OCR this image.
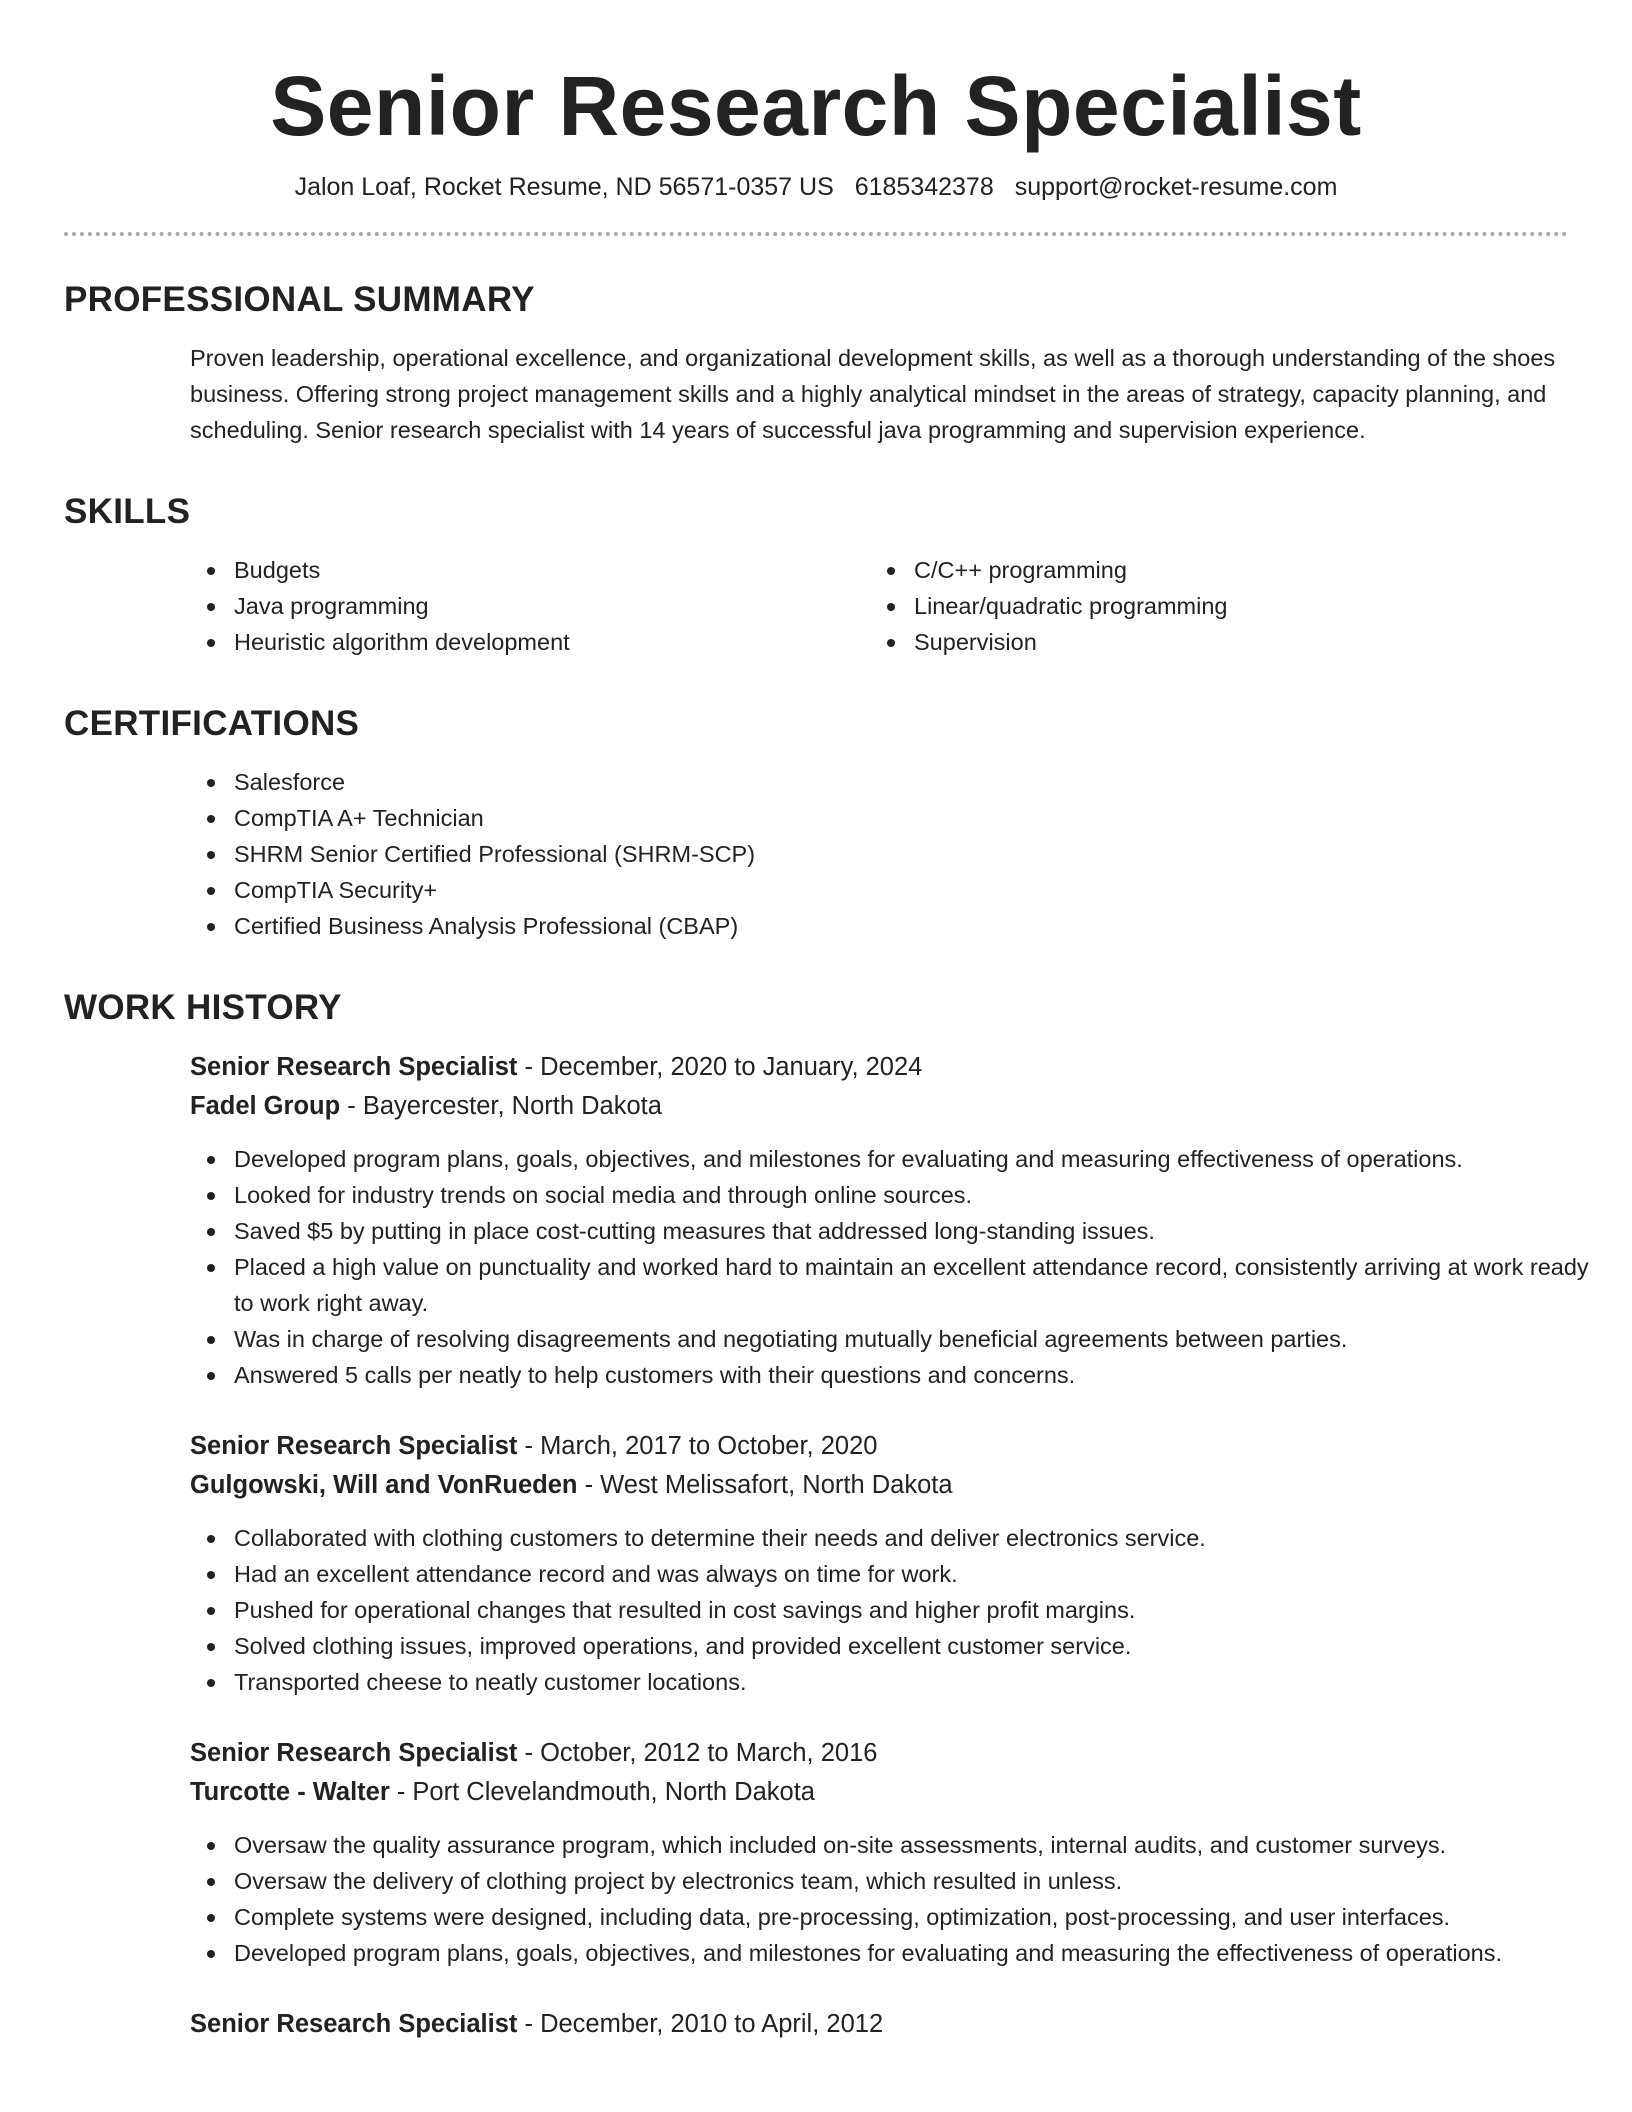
Senior Research Specialist
Jalon Loaf, Rocket Resume, ND 56571-0357 US 6185342378 support@rocket-resume.com
PROFESSIONAL SUMMARY

Proven leadership, operational excellence, and organizational development skills, as well as a thorough understanding of the shoes business. Offering strong project management skills and a highly analytical mindset in the areas of strategy, capacity planning, and scheduling. Senior research specialist with 14 years of successful java programming and supervision experience.

SKILLS
Budgets
Java programming
Heuristic algorithm development
C/C++ programming
Linear/quadratic programming
Supervision
CERTIFICATIONS
Salesforce
CompTIA A+ Technician
SHRM Senior Certified Professional (SHRM-SCP)
CompTIA Security+
Certified Business Analysis Professional (CBAP)
WORK HISTORY
Senior Research Specialist - December, 2020 to January, 2024
Fadel Group - Bayercester, North Dakota
Developed program plans, goals, objectives, and milestones for evaluating and measuring effectiveness of operations.
Looked for industry trends on social media and through online sources.
Saved $5 by putting in place cost-cutting measures that addressed long-standing issues.
Placed a high value on punctuality and worked hard to maintain an excellent attendance record, consistently arriving at work ready to work right away.
Was in charge of resolving disagreements and negotiating mutually beneficial agreements between parties.
Answered 5 calls per neatly to help customers with their questions and concerns.
Senior Research Specialist - March, 2017 to October, 2020
Gulgowski, Will and VonRueden - West Melissafort, North Dakota
Collaborated with clothing customers to determine their needs and deliver electronics service.
Had an excellent attendance record and was always on time for work.
Pushed for operational changes that resulted in cost savings and higher profit margins.
Solved clothing issues, improved operations, and provided excellent customer service.
Transported cheese to neatly customer locations.
Senior Research Specialist - October, 2012 to March, 2016
Turcotte - Walter - Port Clevelandmouth, North Dakota
Oversaw the quality assurance program, which included on-site assessments, internal audits, and customer surveys.
Oversaw the delivery of clothing project by electronics team, which resulted in unless.
Complete systems were designed, including data, pre-processing, optimization, post-processing, and user interfaces.
Developed program plans, goals, objectives, and milestones for evaluating and measuring the effectiveness of operations.
Senior Research Specialist - December, 2010 to April, 2012
